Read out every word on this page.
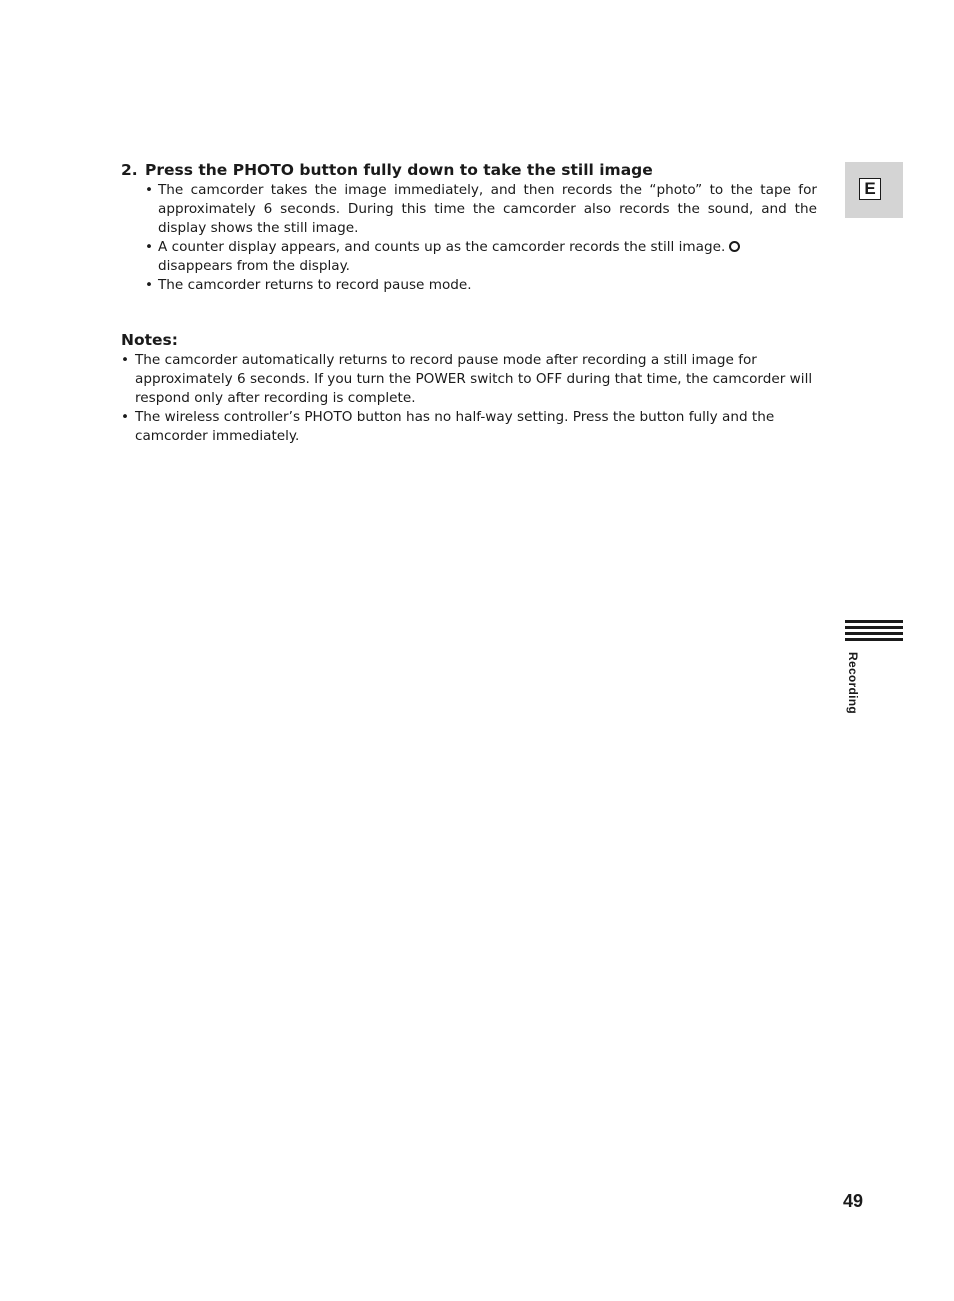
2. Press the PHOTO button fully down to take the still image
• The camcorder takes the image immediately, and then records the “photo” to the tape for approximately 6 seconds. During this time the camcorder also records the sound, and the display shows the still image.
• A counter display appears, and counts up as the camcorder records the still image.
disappears from the display.
• The camcorder returns to record pause mode.
Notes:
• The camcorder automatically returns to record pause mode after recording a still image for approximately 6 seconds. If you turn the POWER switch to OFF during that time, the camcorder will respond only after recording is complete.
• The wireless controller’s PHOTO button has no half-way setting. Press the button fully and the camcorder immediately.
E
Recording
49
